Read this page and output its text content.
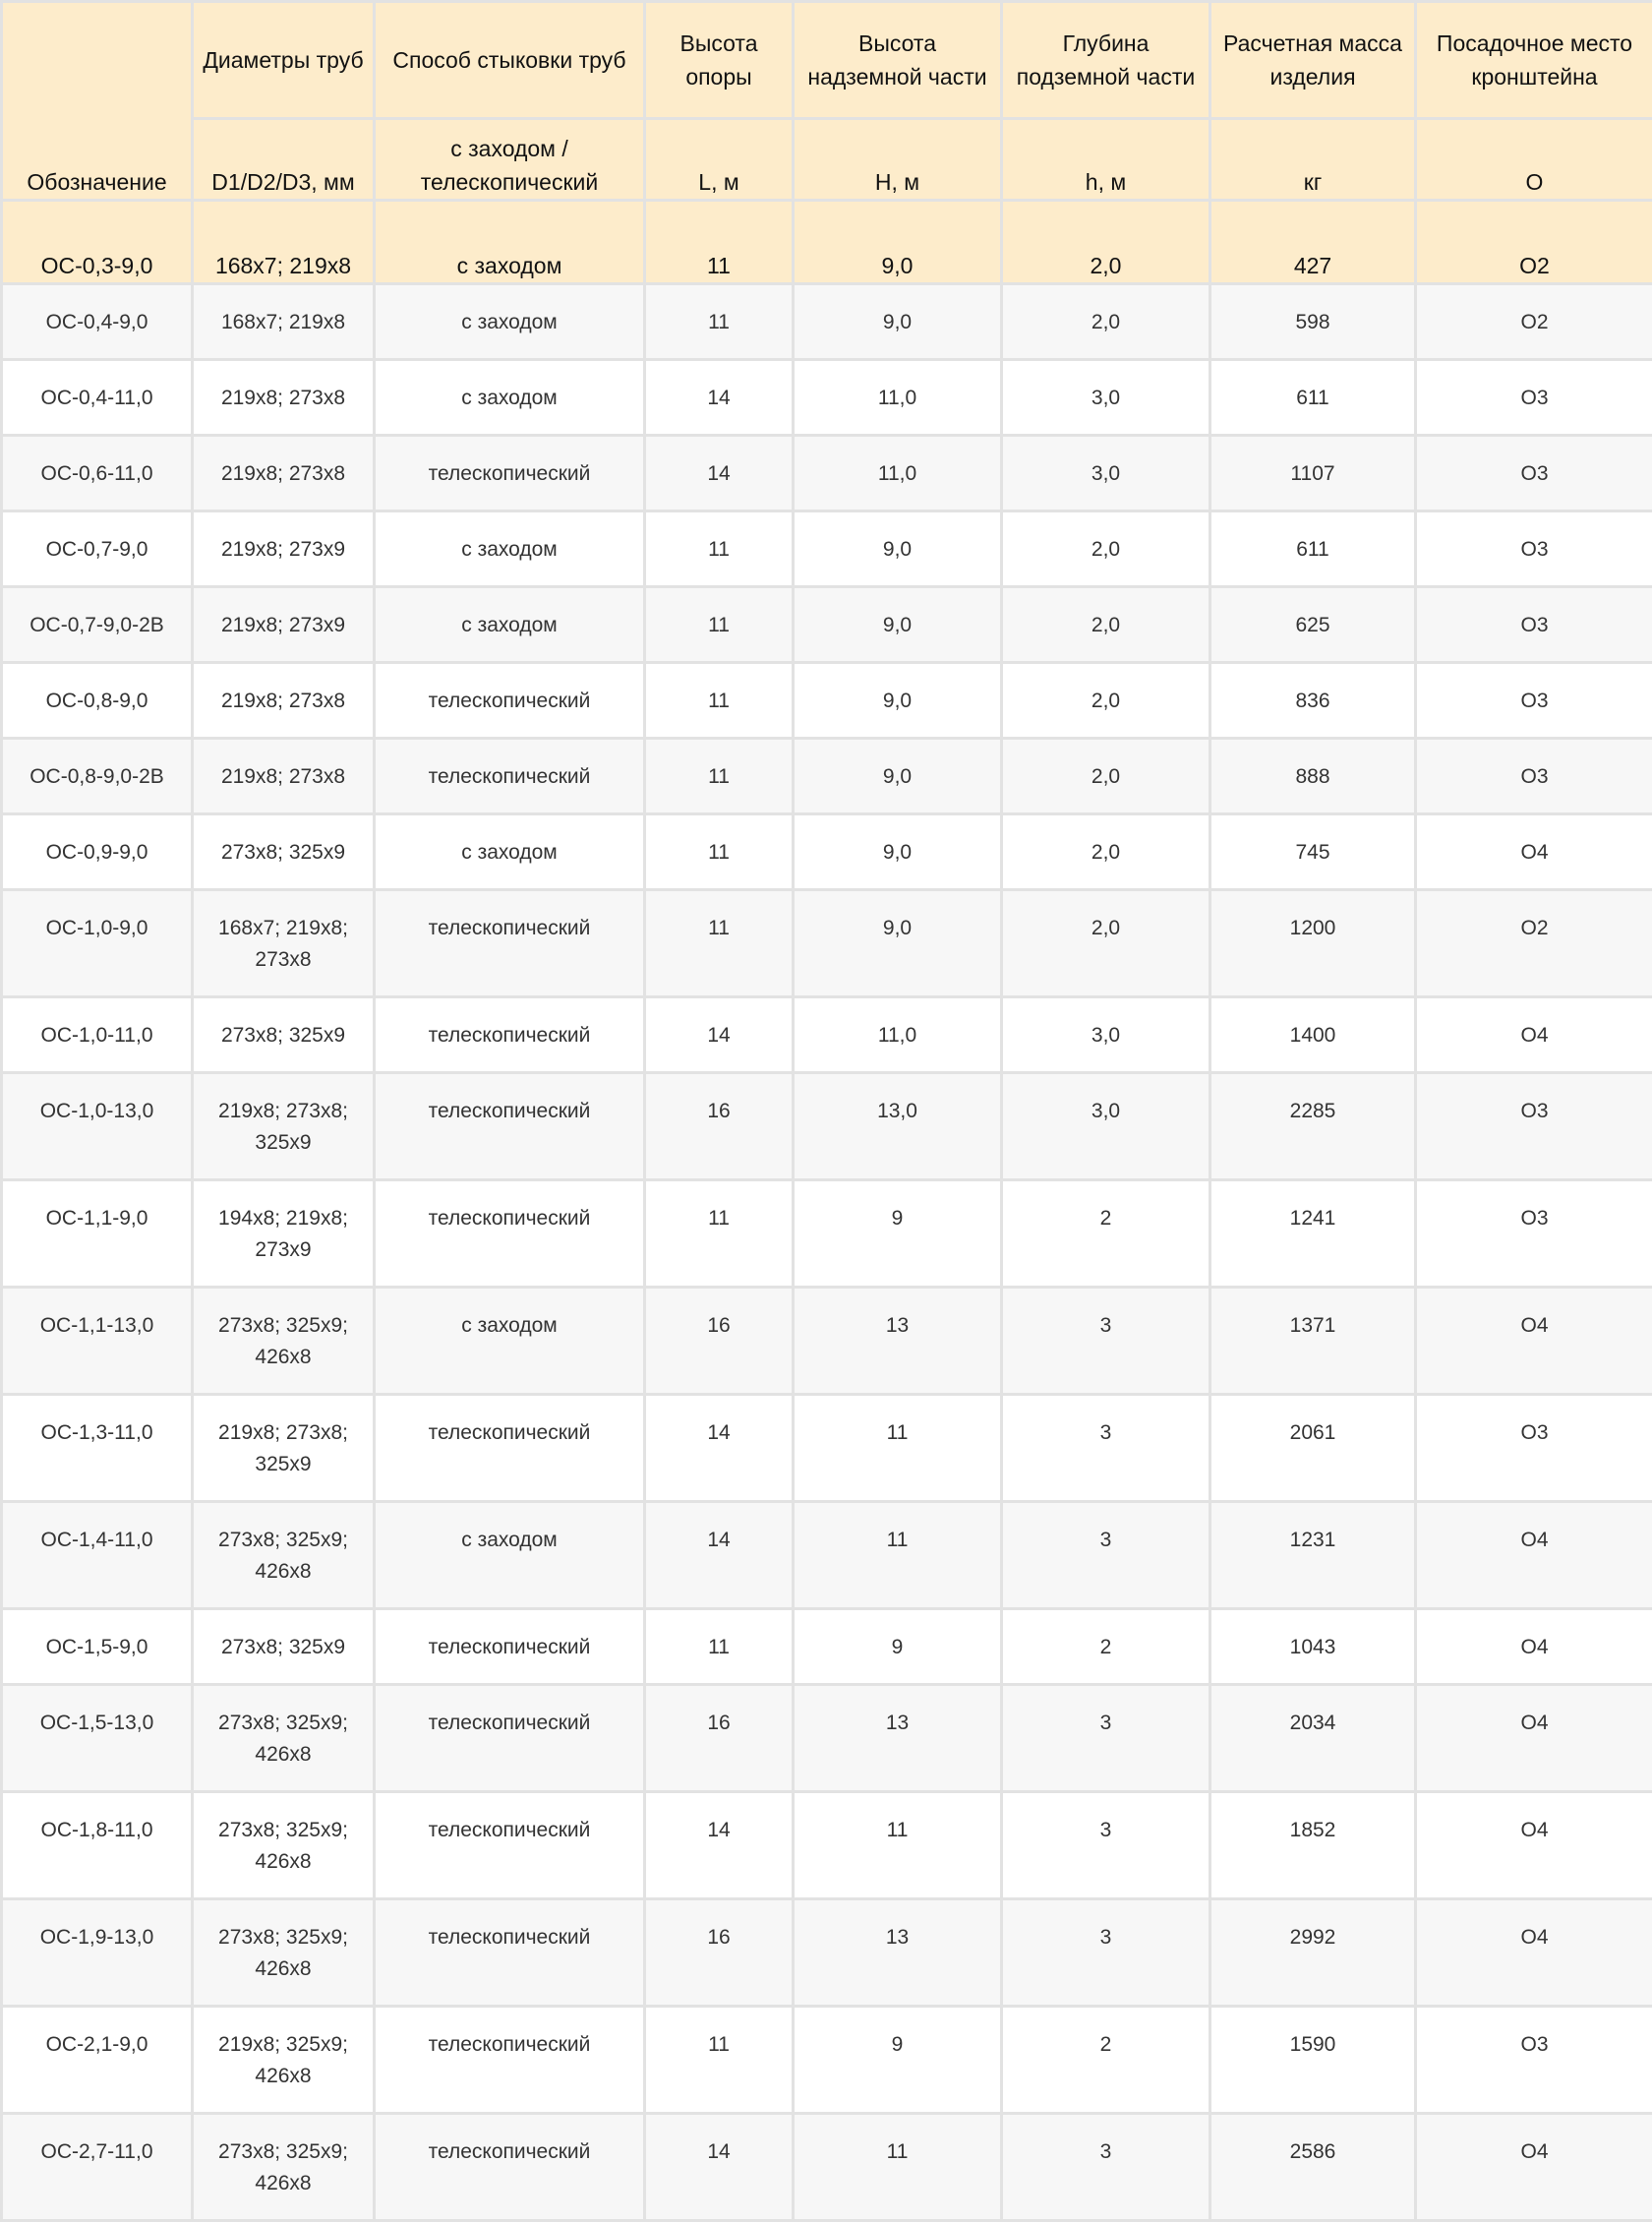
Обозначение	Диаметры труб	Способ стыковки труб	Высота опоры	Высота надземной части	Глубина подземной части	Расчетная масса изделия	Посадочное место кронштейна
	D1/D2/D3, мм	с заходом / телескопический	L, м	H, м	h, м	кг	О
ОС-0,3-9,0	168х7; 219х8	с заходом	11	9,0	2,0	427	О2
ОС-0,4-9,0	168х7; 219х8	с заходом	11	9,0	2,0	598	О2
ОС-0,4-11,0	219х8; 273х8	с заходом	14	11,0	3,0	611	О3
ОС-0,6-11,0	219х8; 273х8	телескопический	14	11,0	3,0	1107	О3
ОС-0,7-9,0	219х8; 273х9	с заходом	11	9,0	2,0	611	О3
ОС-0,7-9,0-2В	219х8; 273х9	с заходом	11	9,0	2,0	625	О3
ОС-0,8-9,0	219х8; 273х8	телескопический	11	9,0	2,0	836	О3
ОС-0,8-9,0-2В	219х8; 273х8	телескопический	11	9,0	2,0	888	О3
ОС-0,9-9,0	273х8; 325х9	с заходом	11	9,0	2,0	745	О4
ОС-1,0-9,0	168х7; 219х8; 273х8	телескопический	11	9,0	2,0	1200	О2
ОС-1,0-11,0	273х8; 325х9	телескопический	14	11,0	3,0	1400	О4
ОС-1,0-13,0	219х8; 273х8; 325х9	телескопический	16	13,0	3,0	2285	О3
ОС-1,1-9,0	194х8; 219х8; 273х9	телескопический	11	9	2	1241	О3
ОС-1,1-13,0	273х8; 325х9; 426х8	с заходом	16	13	3	1371	О4
ОС-1,3-11,0	219х8; 273х8; 325х9	телескопический	14	11	3	2061	О3
ОС-1,4-11,0	273х8; 325х9; 426х8	с заходом	14	11	3	1231	О4
ОС-1,5-9,0	273х8; 325х9	телескопический	11	9	2	1043	О4
ОС-1,5-13,0	273х8; 325х9; 426х8	телескопический	16	13	3	2034	О4
ОС-1,8-11,0	273х8; 325х9; 426х8	телескопический	14	11	3	1852	О4
ОС-1,9-13,0	273х8; 325х9; 426х8	телескопический	16	13	3	2992	О4
ОС-2,1-9,0	219х8; 325х9; 426х8	телескопический	11	9	2	1590	О3
ОС-2,7-11,0	273х8; 325х9; 426х8	телескопический	14	11	3	2586	О4
